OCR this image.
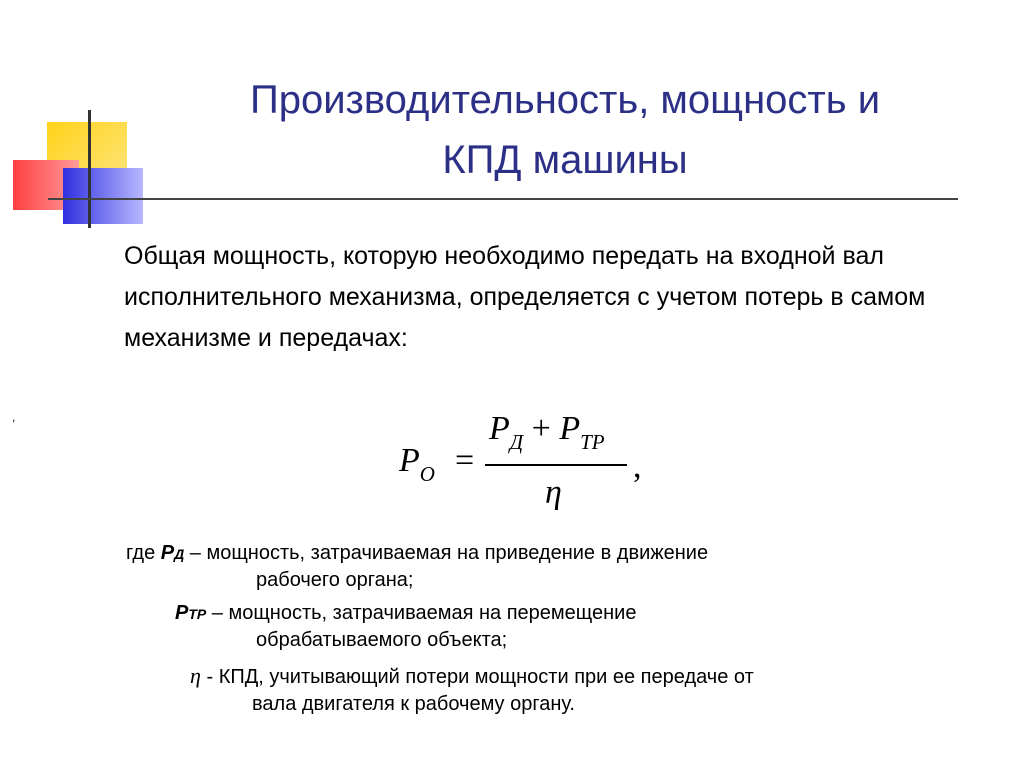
Производительность, мощность и
КПД машины

Общая мощность, которую необходимо передать на входной вал исполнительного механизма, определяется с учетом потерь в самом механизме и передачах:

,
$P_О$ =
$P_Д + P_{ТР}$
η
,

где РД – мощность, затрачиваемая на приведение в движение

рабочего органа;

РТР – мощность, затрачиваемая на перемещение

обрабатываемого объекта;

η - КПД, учитывающий потери мощности при ее передаче от

вала двигателя к рабочему органу.
